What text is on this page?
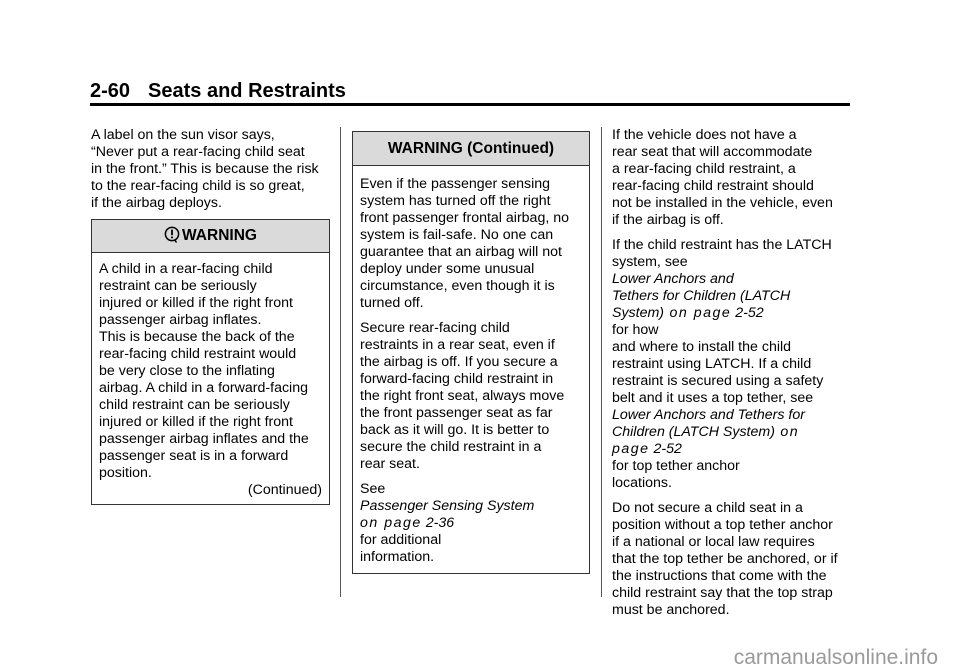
2-60 Seats and Restraints

A label on the sun visor says,
“Never put a rear-facing child seat
in the front.” This is because the risk
to the rear-facing child is so great,
if the airbag deploys.

WARNING
A child in a rear-facing child
restraint can be seriously
injured or killed if the right front
passenger airbag inflates.
This is because the back of the
rear-facing child restraint would
be very close to the inflating
airbag. A child in a forward-facing
child restraint can be seriously
injured or killed if the right front
passenger airbag inflates and the
passenger seat is in a forward
position.
(Continued)
WARNING (Continued)

Even if the passenger sensing
system has turned off the right
front passenger frontal airbag, no
system is fail-safe. No one can
guarantee that an airbag will not
deploy under some unusual
circumstance, even though it is
turned off.

Secure rear-facing child
restraints in a rear seat, even if
the airbag is off. If you secure a
forward-facing child restraint in
the right front seat, always move
the front passenger seat as far
back as it will go. It is better to
secure the child restraint in a
rear seat.

See
Passenger Sensing System
on page 2-36
for additional
information.

If the vehicle does not have a
rear seat that will accommodate
a rear-facing child restraint, a
rear-facing child restraint should
not be installed in the vehicle, even
if the airbag is off.

If the child restraint has the LATCH
system, see
Lower Anchors and
Tethers for Children (LATCH
System) on page 2-52
for how
and where to install the child
restraint using LATCH. If a child
restraint is secured using a safety
belt and it uses a top tether, see
Lower Anchors and Tethers for
Children (LATCH System) on
page 2-52
for top tether anchor
locations.

Do not secure a child seat in a
position without a top tether anchor
if a national or local law requires
that the top tether be anchored, or if
the instructions that come with the
child restraint say that the top strap
must be anchored.

carmanualsonline.info
